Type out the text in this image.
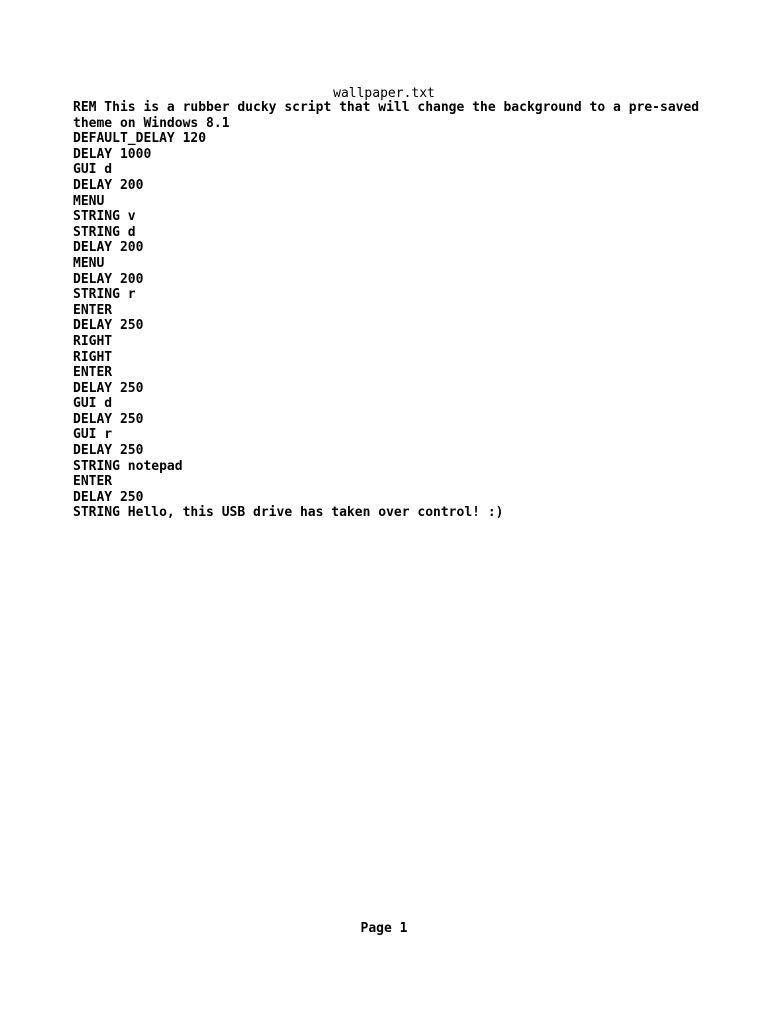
wallpaper.txt
REM This is a rubber ducky script that will change the background to a pre-saved
theme on Windows 8.1
DEFAULT_DELAY 120
DELAY 1000
GUI d
DELAY 200
MENU
STRING v
STRING d
DELAY 200
MENU
DELAY 200
STRING r
ENTER
DELAY 250
RIGHT
RIGHT
ENTER
DELAY 250
GUI d
DELAY 250
GUI r
DELAY 250
STRING notepad
ENTER
DELAY 250
STRING Hello, this USB drive has taken over control! :)
Page 1
